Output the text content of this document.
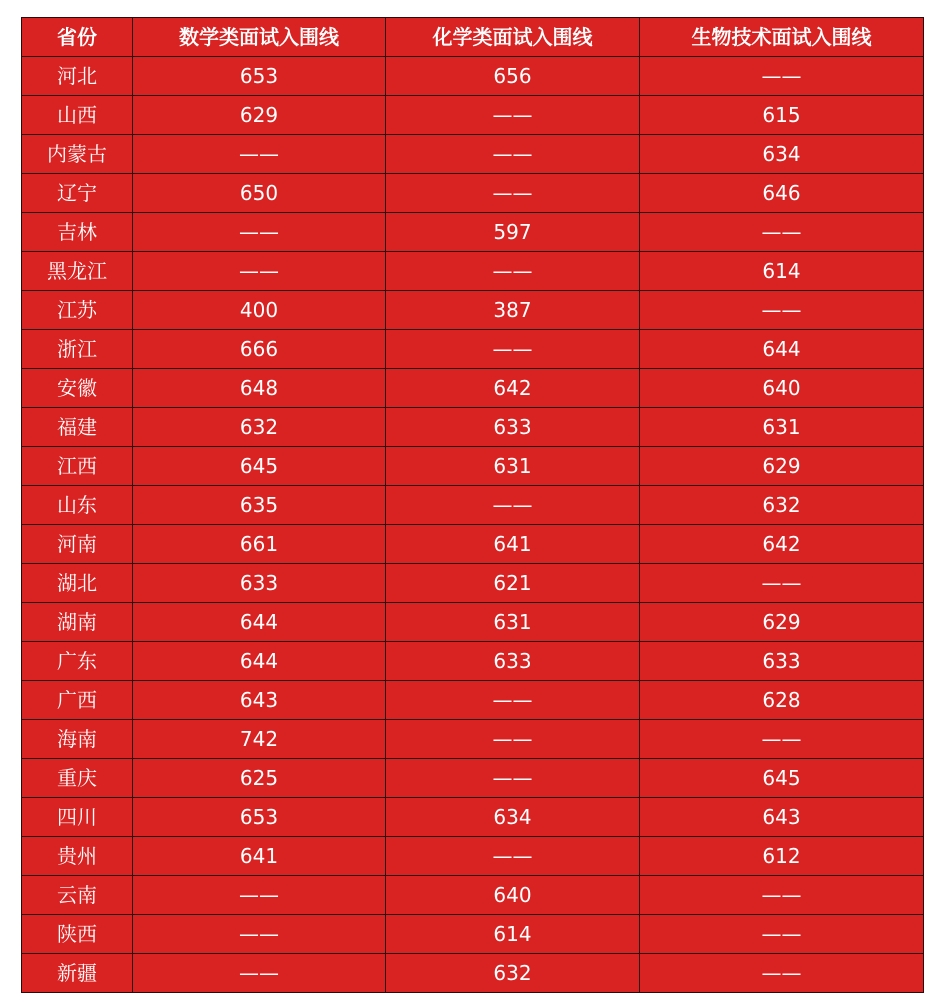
省份	数学类面试入围线	化学类面试入围线	生物技术面试入围线
河北	653	656	——
山西	629	——	615
内蒙古	——	——	634
辽宁	650	——	646
吉林	——	597	——
黑龙江	——	——	614
江苏	400	387	——
浙江	666	——	644
安徽	648	642	640
福建	632	633	631
江西	645	631	629
山东	635	——	632
河南	661	641	642
湖北	633	621	——
湖南	644	631	629
广东	644	633	633
广西	643	——	628
海南	742	——	——
重庆	625	——	645
四川	653	634	643
贵州	641	——	612
云南	——	640	——
陕西	——	614	——
新疆	——	632	——
